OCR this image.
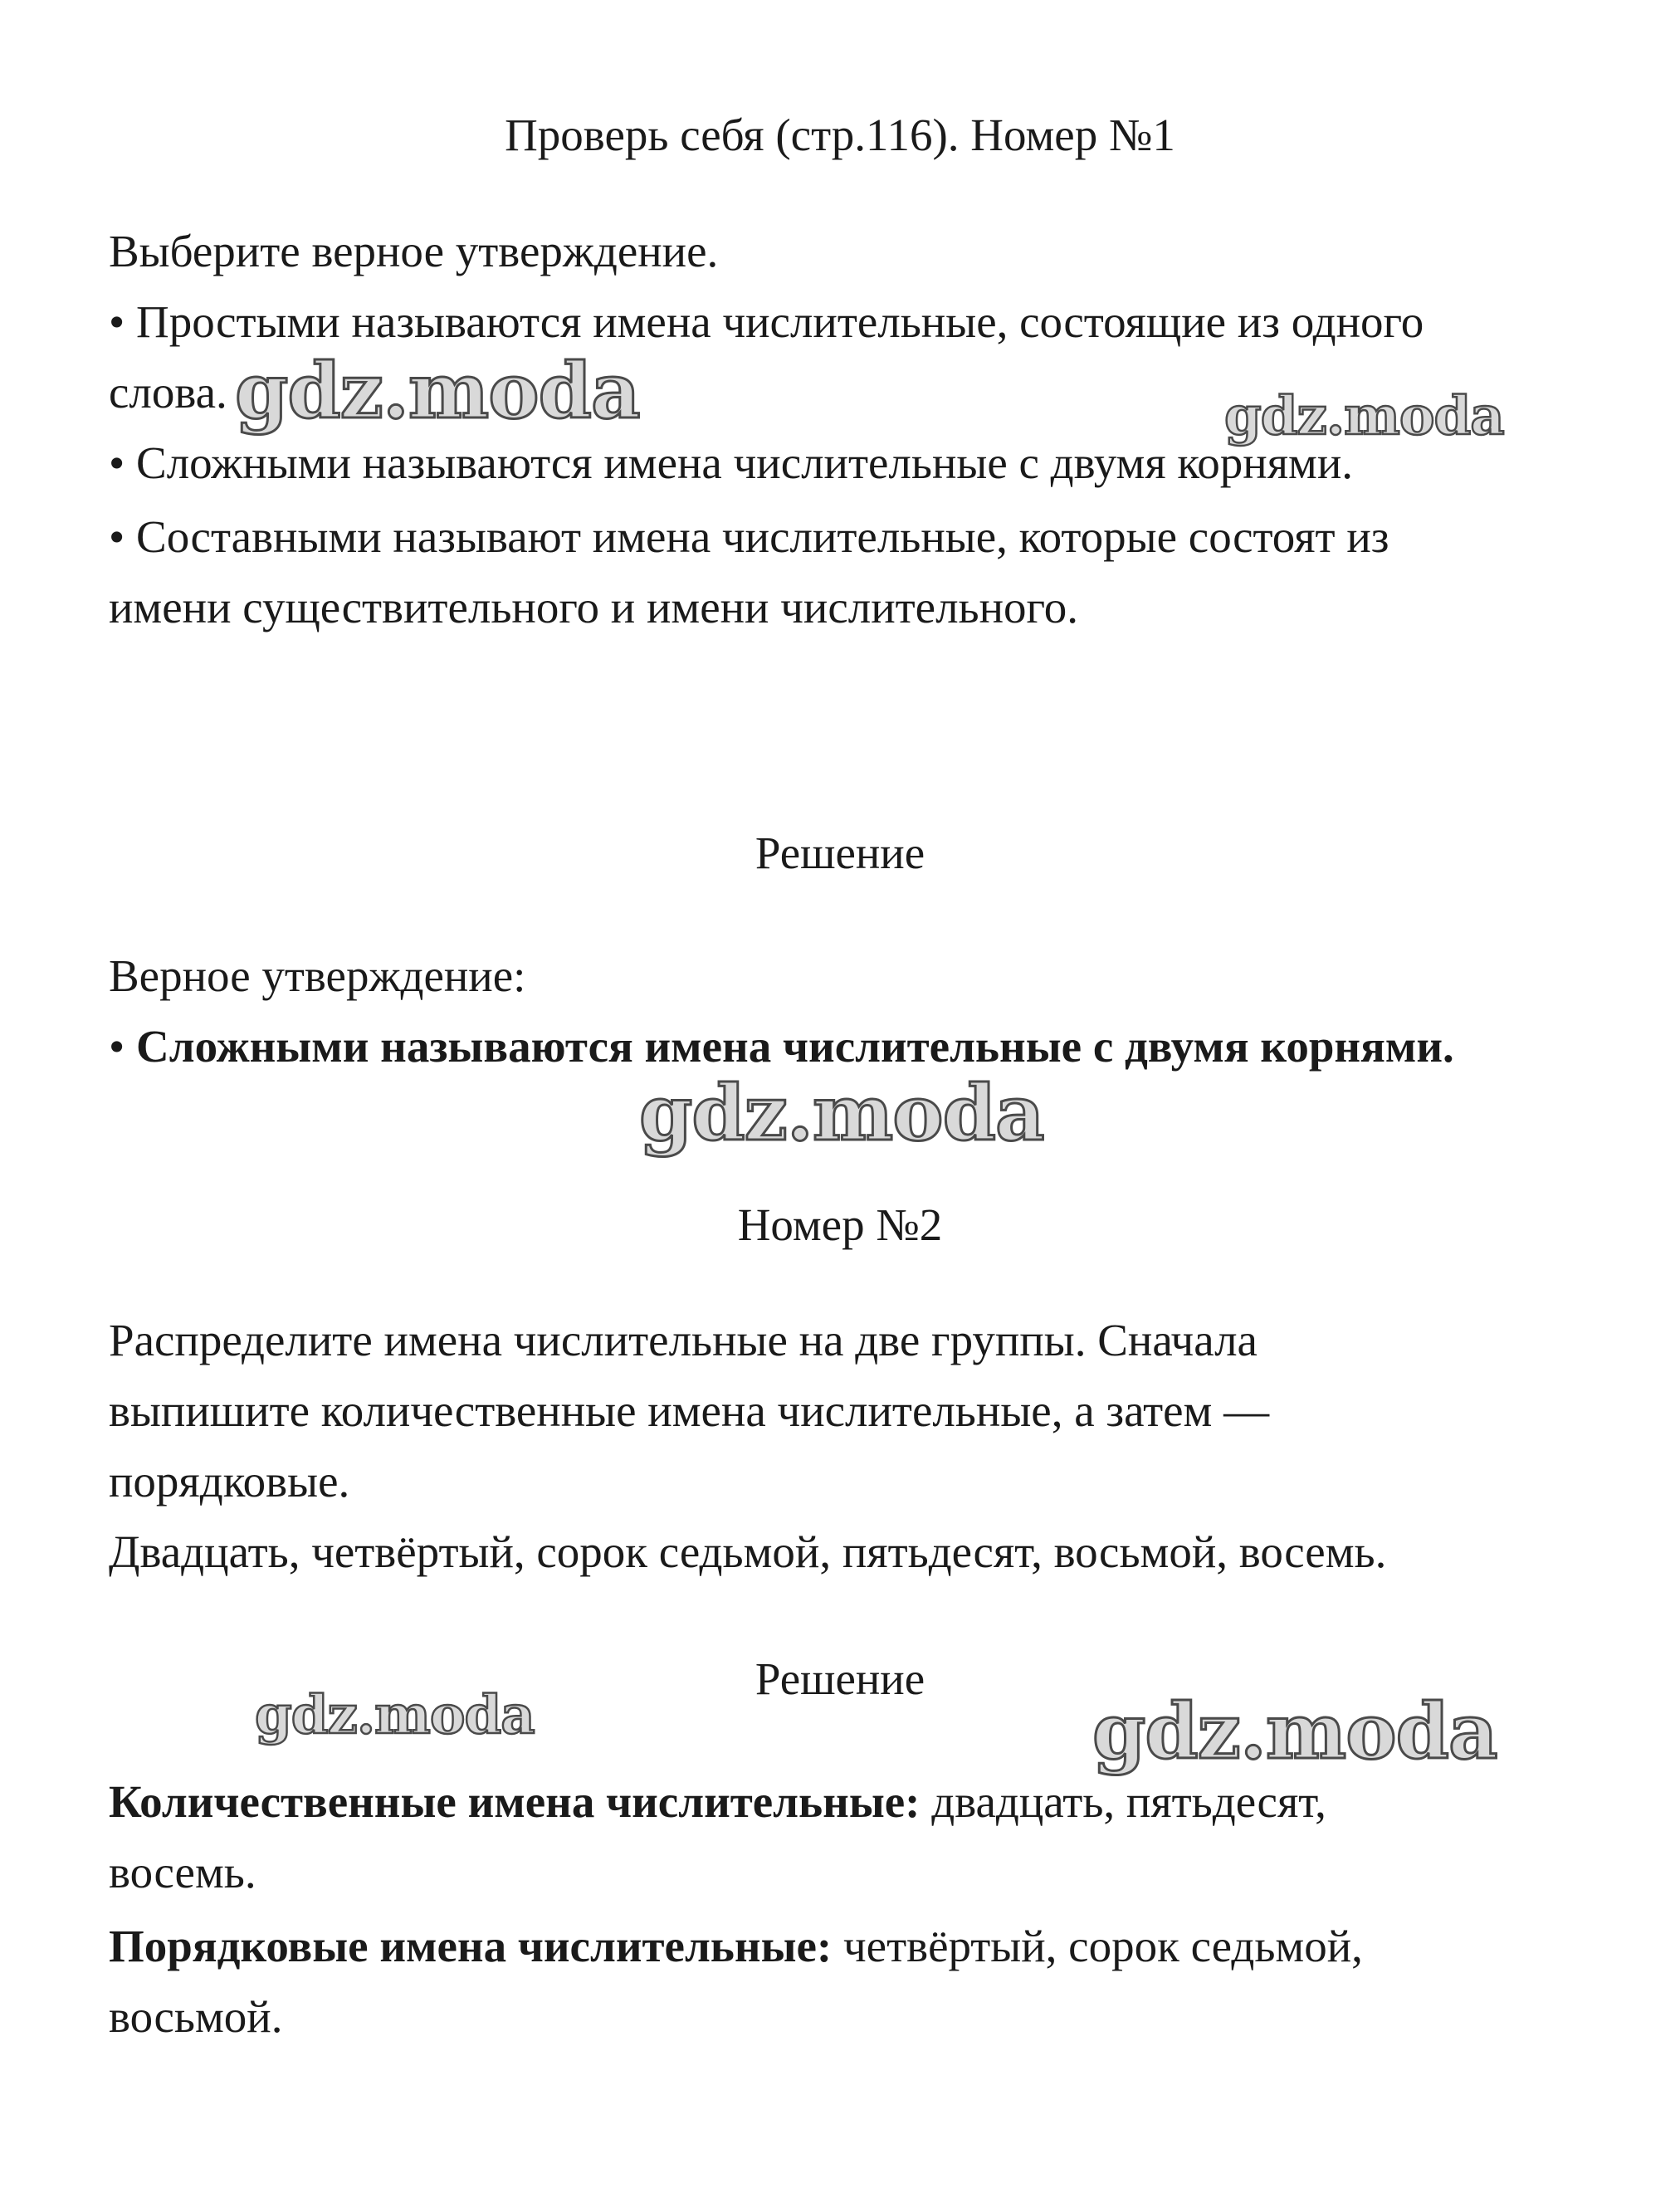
Проверь себя (стр.116). Номер №1

Выберите верное утверждение.

• Простыми называются имена числительные, состоящие из одного

слова.

• Сложными называются имена числительные с двумя корнями.

• Составными называют имена числительные, которые состоят из

имени существительного и имени числительного.

Решение

Верное утверждение:

• Сложными называются имена числительные с двумя корнями.

Номер №2

Распределите имена числительные на две группы. Сначала

выпишите количественные имена числительные, а затем —

порядковые.

Двадцать, четвёртый, сорок седьмой, пятьдесят, восьмой, восемь.

Решение

Количественные имена числительные: двадцать, пятьдесят,

восемь.

Порядковые имена числительные: четвёртый, сорок седьмой,

восьмой.

gdz.moda	gdz.moda
gdz.moda
gdz.moda	gdz.moda
